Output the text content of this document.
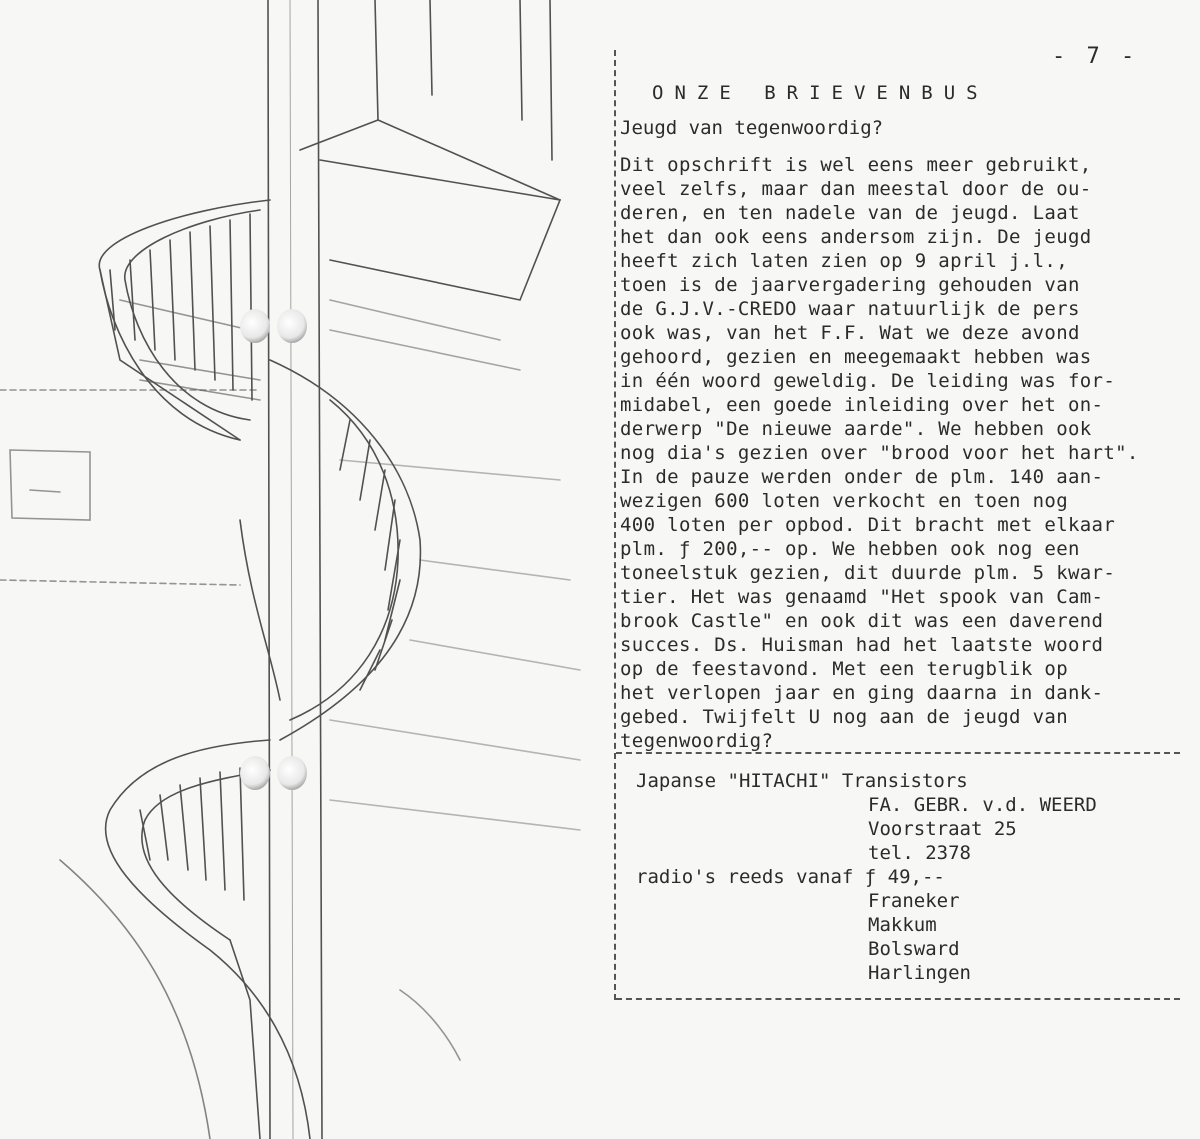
- 7 -
ONZE BRIEVENBUS
Jeugd van tegenwoordig?
Dit opschrift is wel eens meer gebruikt,
veel zelfs, maar dan meestal door de ou-
deren, en ten nadele van de jeugd. Laat
het dan ook eens andersom zijn. De jeugd
heeft zich laten zien op 9 april j.l.,
toen is de jaarvergadering gehouden van
de G.J.V.-CREDO waar natuurlijk de pers
ook was, van het F.F. Wat we deze avond
gehoord, gezien en meegemaakt hebben was
in één woord geweldig. De leiding was for-
midabel, een goede inleiding over het on-
derwerp "De nieuwe aarde". We hebben ook
nog dia's gezien over "brood voor het hart".
In de pauze werden onder de plm. 140 aan-
wezigen 600 loten verkocht en toen nog
400 loten per opbod. Dit bracht met elkaar
plm. ƒ 200,-- op. We hebben ook nog een
toneelstuk gezien, dit duurde plm. 5 kwar-
tier. Het was genaamd "Het spook van Cam-
brook Castle" en ook dit was een daverend
succes. Ds. Huisman had het laatste woord
op de feestavond. Met een terugblik op
het verlopen jaar en ging daarna in dank-
gebed. Twijfelt U nog aan de jeugd van
tegenwoordig?
Japanse "HITACHI" Transistors
FA. GEBR. v.d. WEERD
Voorstraat 25
tel. 2378
radio's reeds vanaf ƒ 49,--
Franeker
Makkum
Bolsward
Harlingen
